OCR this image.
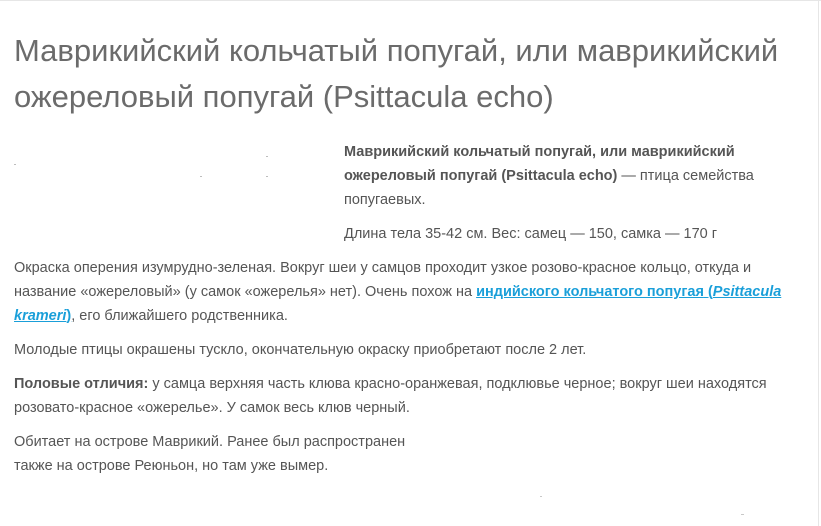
Маврикийский кольчатый попугай, или маврикийский ожереловый попугай (Psittacula echo)

Маврикийский кольчатый попугай, или маврикийский ожереловый попугай (Psittacula echo) — птица семейства попугаевых.

Длина тела 35-42 см. Вес: самец — 150, самка — 170 г

Окраска оперения изумрудно-зеленая. Вокруг шеи у самцов проходит узкое розово-красное кольцо, откуда и название «ожереловый» (у самок «ожерелья» нет). Очень похож на индийского кольчатого попугая (Psittacula krameri), его ближайшего родственника.

Молодые птицы окрашены тускло, окончательную окраску приобретают после 2 лет.

Половые отличия: у самца верхняя часть клюва красно-оранжевая, подклювье черное; вокруг шеи находятся розовато-красное «ожерелье». У самок весь клюв черный.

Обитает на острове Маврикий. Ранее был распространен
также на острове Реюньон, но там уже вымер.
